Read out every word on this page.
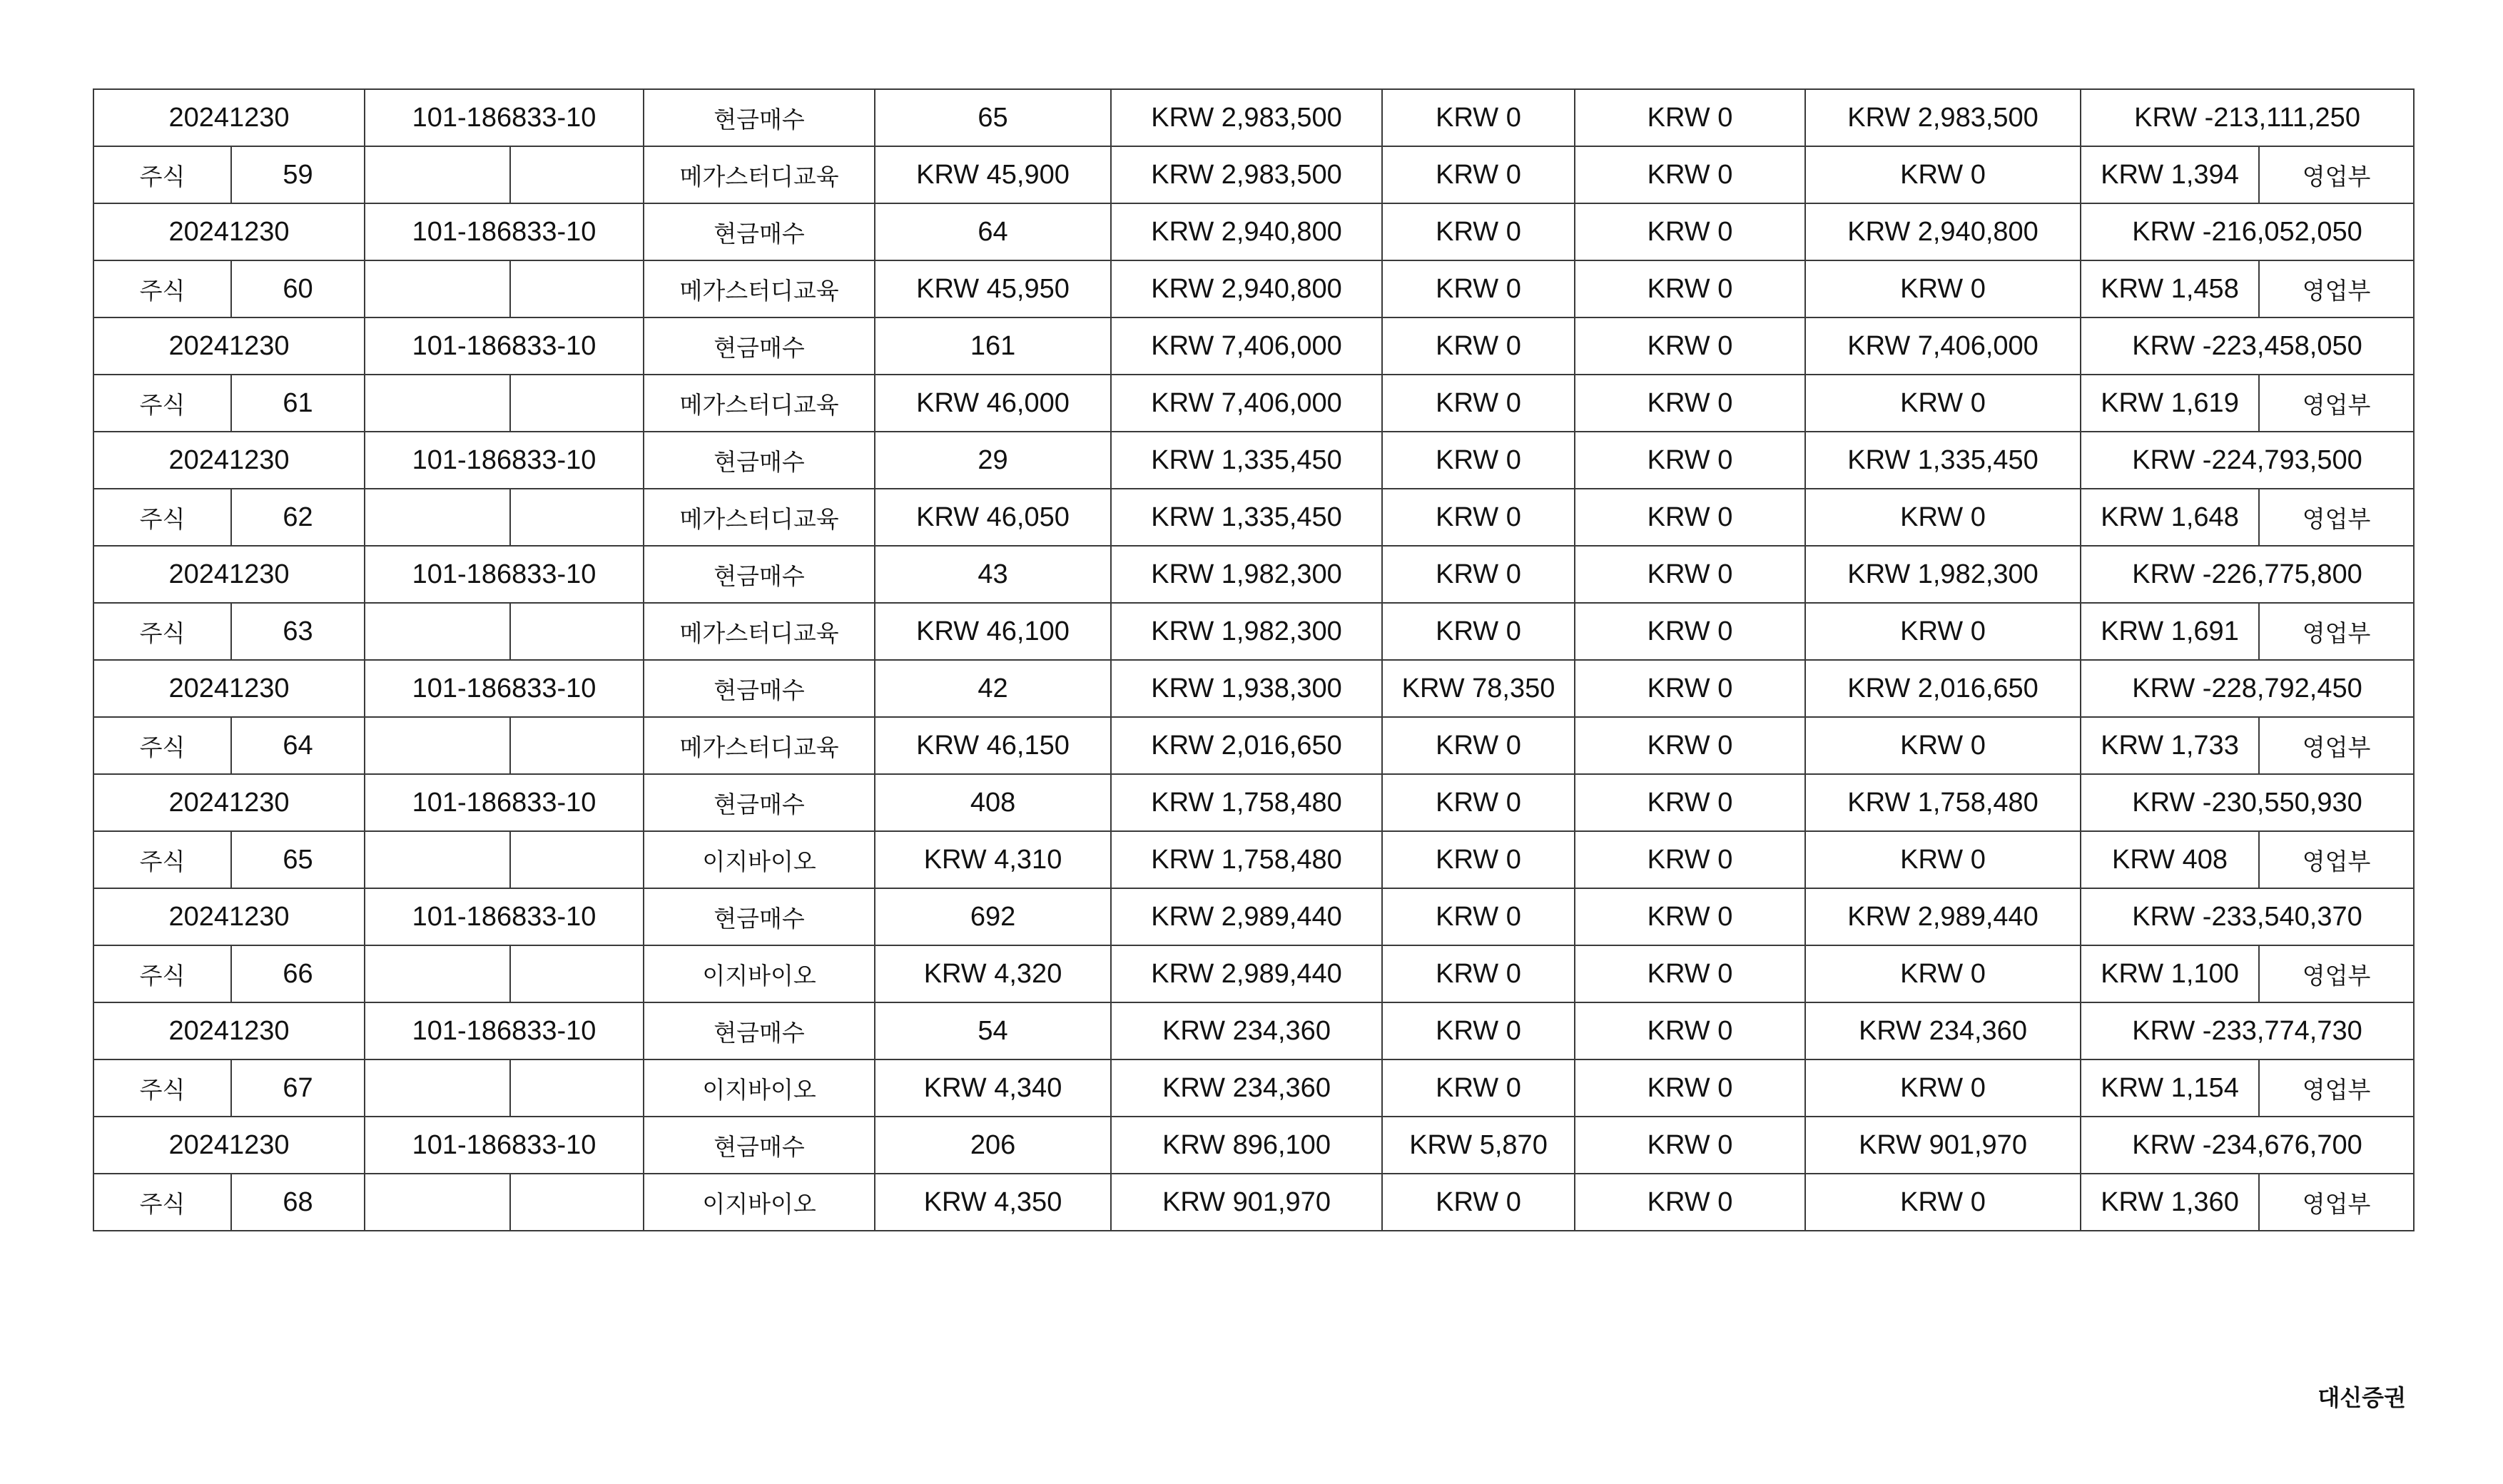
20241230		101-186833-10		현금매수	65	KRW 2,983,500	KRW 0	KRW 0	KRW 2,983,500	KRW -213,111,250	
주식	59			메가스터디교육	KRW 45,900	KRW 2,983,500	KRW 0	KRW 0	KRW 0	KRW 1,394	영업부
20241230		101-186833-10		현금매수	64	KRW 2,940,800	KRW 0	KRW 0	KRW 2,940,800	KRW -216,052,050	
주식	60			메가스터디교육	KRW 45,950	KRW 2,940,800	KRW 0	KRW 0	KRW 0	KRW 1,458	영업부
20241230		101-186833-10		현금매수	161	KRW 7,406,000	KRW 0	KRW 0	KRW 7,406,000	KRW -223,458,050	
주식	61			메가스터디교육	KRW 46,000	KRW 7,406,000	KRW 0	KRW 0	KRW 0	KRW 1,619	영업부
20241230		101-186833-10		현금매수	29	KRW 1,335,450	KRW 0	KRW 0	KRW 1,335,450	KRW -224,793,500	
주식	62			메가스터디교육	KRW 46,050	KRW 1,335,450	KRW 0	KRW 0	KRW 0	KRW 1,648	영업부
20241230		101-186833-10		현금매수	43	KRW 1,982,300	KRW 0	KRW 0	KRW 1,982,300	KRW -226,775,800	
주식	63			메가스터디교육	KRW 46,100	KRW 1,982,300	KRW 0	KRW 0	KRW 0	KRW 1,691	영업부
20241230		101-186833-10		현금매수	42	KRW 1,938,300	KRW 78,350	KRW 0	KRW 2,016,650	KRW -228,792,450	
주식	64			메가스터디교육	KRW 46,150	KRW 2,016,650	KRW 0	KRW 0	KRW 0	KRW 1,733	영업부
20241230		101-186833-10		현금매수	408	KRW 1,758,480	KRW 0	KRW 0	KRW 1,758,480	KRW -230,550,930	
주식	65			이지바이오	KRW 4,310	KRW 1,758,480	KRW 0	KRW 0	KRW 0	KRW 408	영업부
20241230		101-186833-10		현금매수	692	KRW 2,989,440	KRW 0	KRW 0	KRW 2,989,440	KRW -233,540,370	
주식	66			이지바이오	KRW 4,320	KRW 2,989,440	KRW 0	KRW 0	KRW 0	KRW 1,100	영업부
20241230		101-186833-10		현금매수	54	KRW 234,360	KRW 0	KRW 0	KRW 234,360	KRW -233,774,730	
주식	67			이지바이오	KRW 4,340	KRW 234,360	KRW 0	KRW 0	KRW 0	KRW 1,154	영업부
20241230		101-186833-10		현금매수	206	KRW 896,100	KRW 5,870	KRW 0	KRW 901,970	KRW -234,676,700	
주식	68			이지바이오	KRW 4,350	KRW 901,970	KRW 0	KRW 0	KRW 0	KRW 1,360	영업부
대신증권
